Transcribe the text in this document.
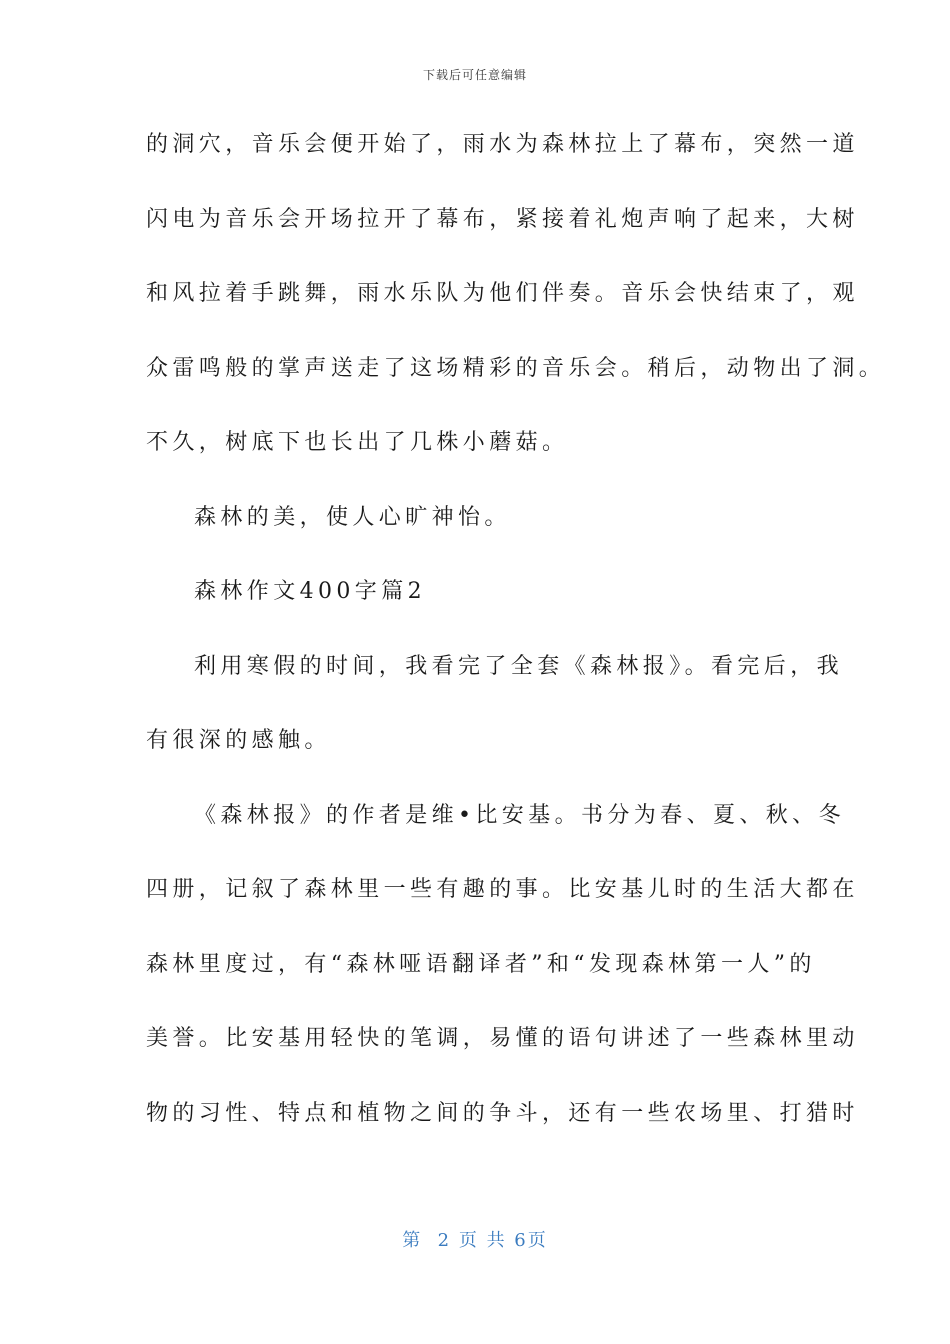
下载后可任意编辑
的洞穴，音乐会便开始了，雨水为森林拉上了幕布，突然一道
闪电为音乐会开场拉开了幕布，紧接着礼炮声响了起来，大树
和风拉着手跳舞，雨水乐队为他们伴奏。音乐会快结束了，观
众雷鸣般的掌声送走了这场精彩的音乐会。稍后，动物出了洞。
不久，树底下也长出了几株小蘑菇。
森林的美，使人心旷神怡。
森林作文400字篇2
利用寒假的时间，我看完了全套《森林报》。看完后，我
有很深的感触。
《森林报》的作者是维•比安基。书分为春、夏、秋、冬
四册，记叙了森林里一些有趣的事。比安基儿时的生活大都在
森林里度过，有“森林哑语翻译者”和“发现森林第一人”的
美誉。比安基用轻快的笔调，易懂的语句讲述了一些森林里动
物的习性、特点和植物之间的争斗，还有一些农场里、打猎时
第  2 页 共 6页
